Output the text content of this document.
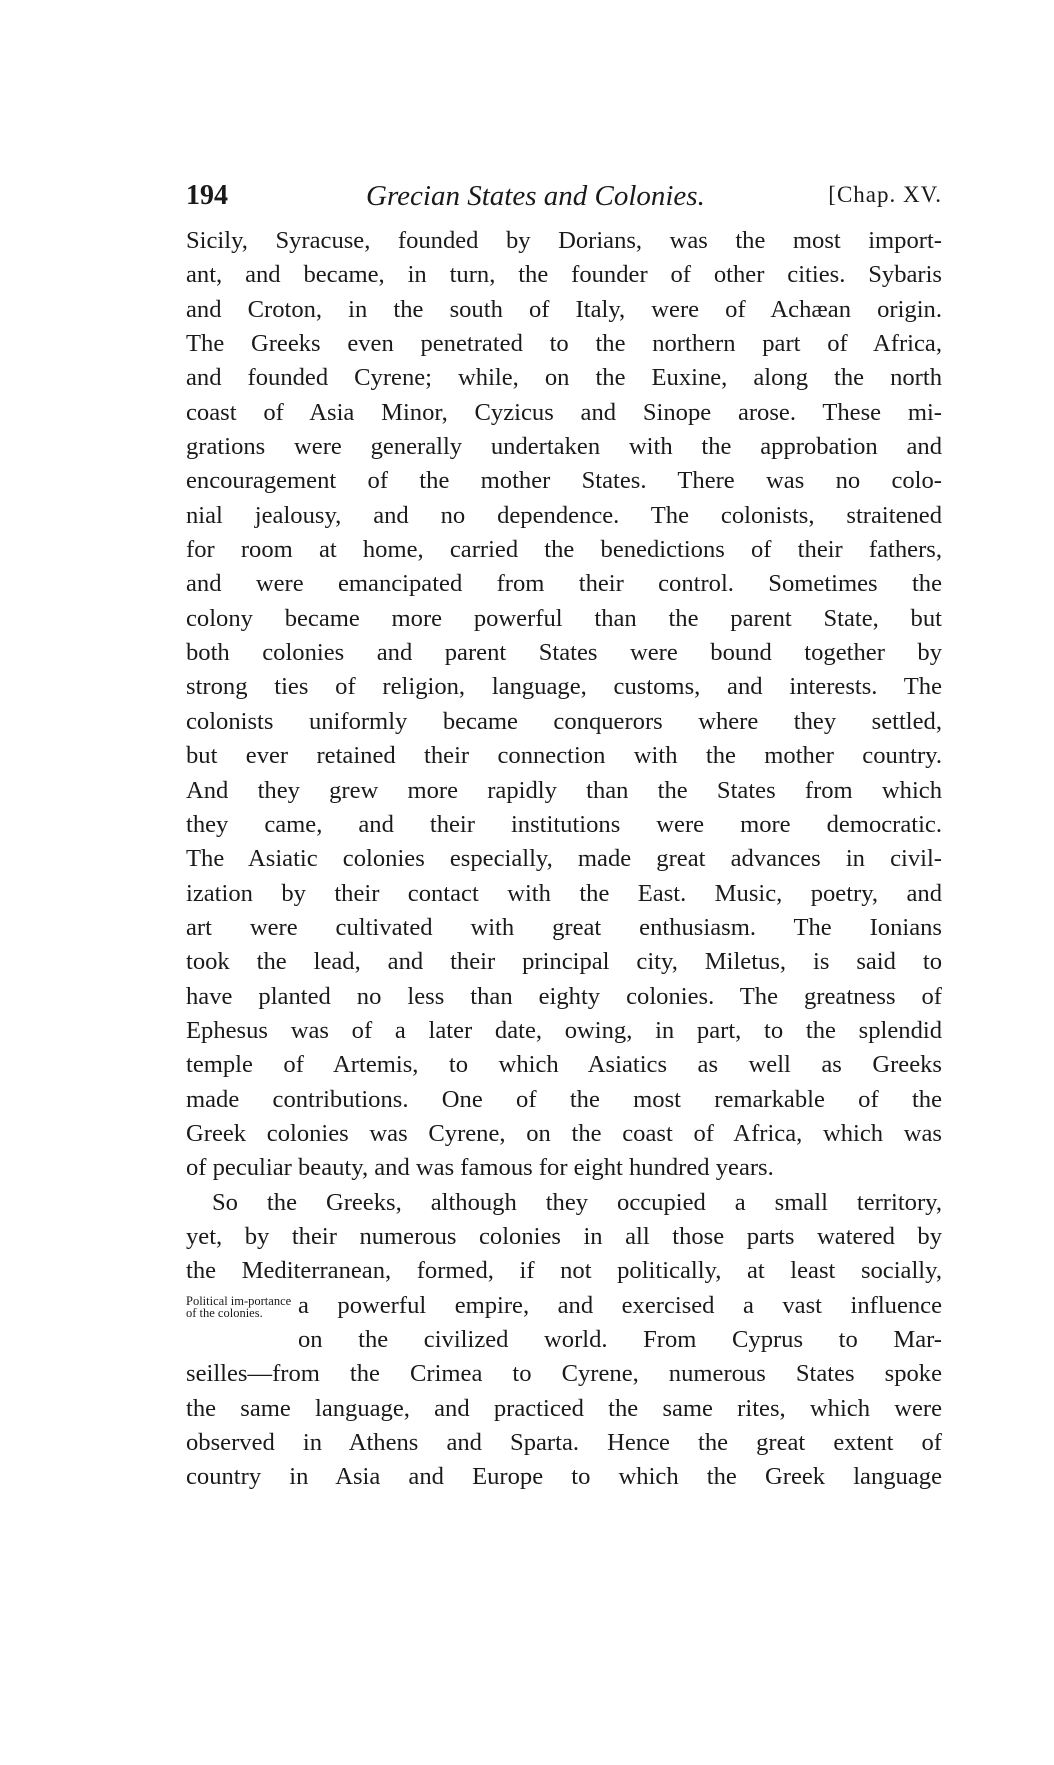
194	Grecian States and Colonies.	[Chap. XV.
Sicily, Syracuse, founded by Dorians, was the most import-
ant, and became, in turn, the founder of other cities. Sybaris
and Croton, in the south of Italy, were of Achæan origin.
The Greeks even penetrated to the northern part of Africa,
and founded Cyrene; while, on the Euxine, along the north
coast of Asia Minor, Cyzicus and Sinope arose. These mi-
grations were generally undertaken with the approbation and
encouragement of the mother States. There was no colo-
nial jealousy, and no dependence. The colonists, straitened
for room at home, carried the benedictions of their fathers,
and were emancipated from their control. Sometimes the
colony became more powerful than the parent State, but
both colonies and parent States were bound together by
strong ties of religion, language, customs, and interests. The
colonists uniformly became conquerors where they settled,
but ever retained their connection with the mother country.
And they grew more rapidly than the States from which
they came, and their institutions were more democratic.
The Asiatic colonies especially, made great advances in civil-
ization by their contact with the East. Music, poetry, and
art were cultivated with great enthusiasm. The Ionians
took the lead, and their principal city, Miletus, is said to
have planted no less than eighty colonies. The greatness of
Ephesus was of a later date, owing, in part, to the splendid
temple of Artemis, to which Asiatics as well as Greeks
made contributions. One of the most remarkable of the
Greek colonies was Cyrene, on the coast of Africa, which was
of peculiar beauty, and was famous for eight hundred years.
So the Greeks, although they occupied a small territory,
yet, by their numerous colonies in all those parts watered by
the Mediterranean, formed, if not politically, at least socially,
Political im-portance of the colonies.	a powerful empire, and exercised a vast influence
on the civilized world. From Cyprus to Mar-
seilles—from the Crimea to Cyrene, numerous States spoke
the same language, and practiced the same rites, which were
observed in Athens and Sparta. Hence the great extent of
country in Asia and Europe to which the Greek language
